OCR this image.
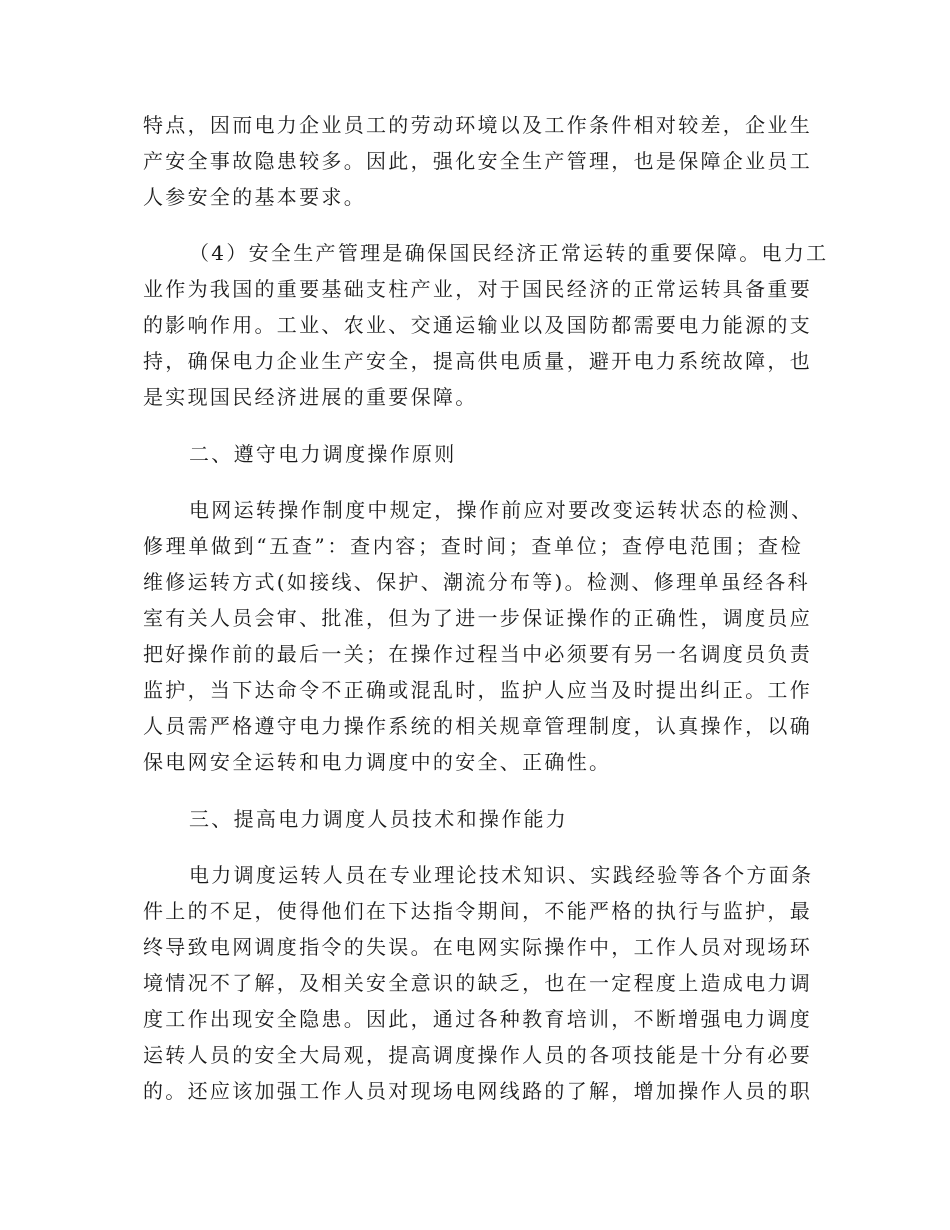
特点，因而电力企业员工的劳动环境以及工作条件相对较差，企业生
产安全事故隐患较多。因此，强化安全生产管理，也是保障企业员工
人参安全的基本要求。
（4）安全生产管理是确保国民经济正常运转的重要保障。电力工
业作为我国的重要基础支柱产业，对于国民经济的正常运转具备重要
的影响作用。工业、农业、交通运输业以及国防都需要电力能源的支
持，确保电力企业生产安全，提高供电质量，避开电力系统故障，也
是实现国民经济进展的重要保障。
二、遵守电力调度操作原则
电网运转操作制度中规定，操作前应对要改变运转状态的检测、
修理单做到“五查”：查内容；查时间；查单位；查停电范围；查检
维修运转方式(如接线、保护、潮流分布等)。检测、修理单虽经各科
室有关人员会审、批准，但为了进一步保证操作的正确性，调度员应
把好操作前的最后一关；在操作过程当中必须要有另一名调度员负责
监护，当下达命令不正确或混乱时，监护人应当及时提出纠正。工作
人员需严格遵守电力操作系统的相关规章管理制度，认真操作，以确
保电网安全运转和电力调度中的安全、正确性。
三、提高电力调度人员技术和操作能力
电力调度运转人员在专业理论技术知识、实践经验等各个方面条
件上的不足，使得他们在下达指令期间，不能严格的执行与监护，最
终导致电网调度指令的失误。在电网实际操作中，工作人员对现场环
境情况不了解，及相关安全意识的缺乏，也在一定程度上造成电力调
度工作出现安全隐患。因此，通过各种教育培训，不断增强电力调度
运转人员的安全大局观，提高调度操作人员的各项技能是十分有必要
的。还应该加强工作人员对现场电网线路的了解，增加操作人员的职
